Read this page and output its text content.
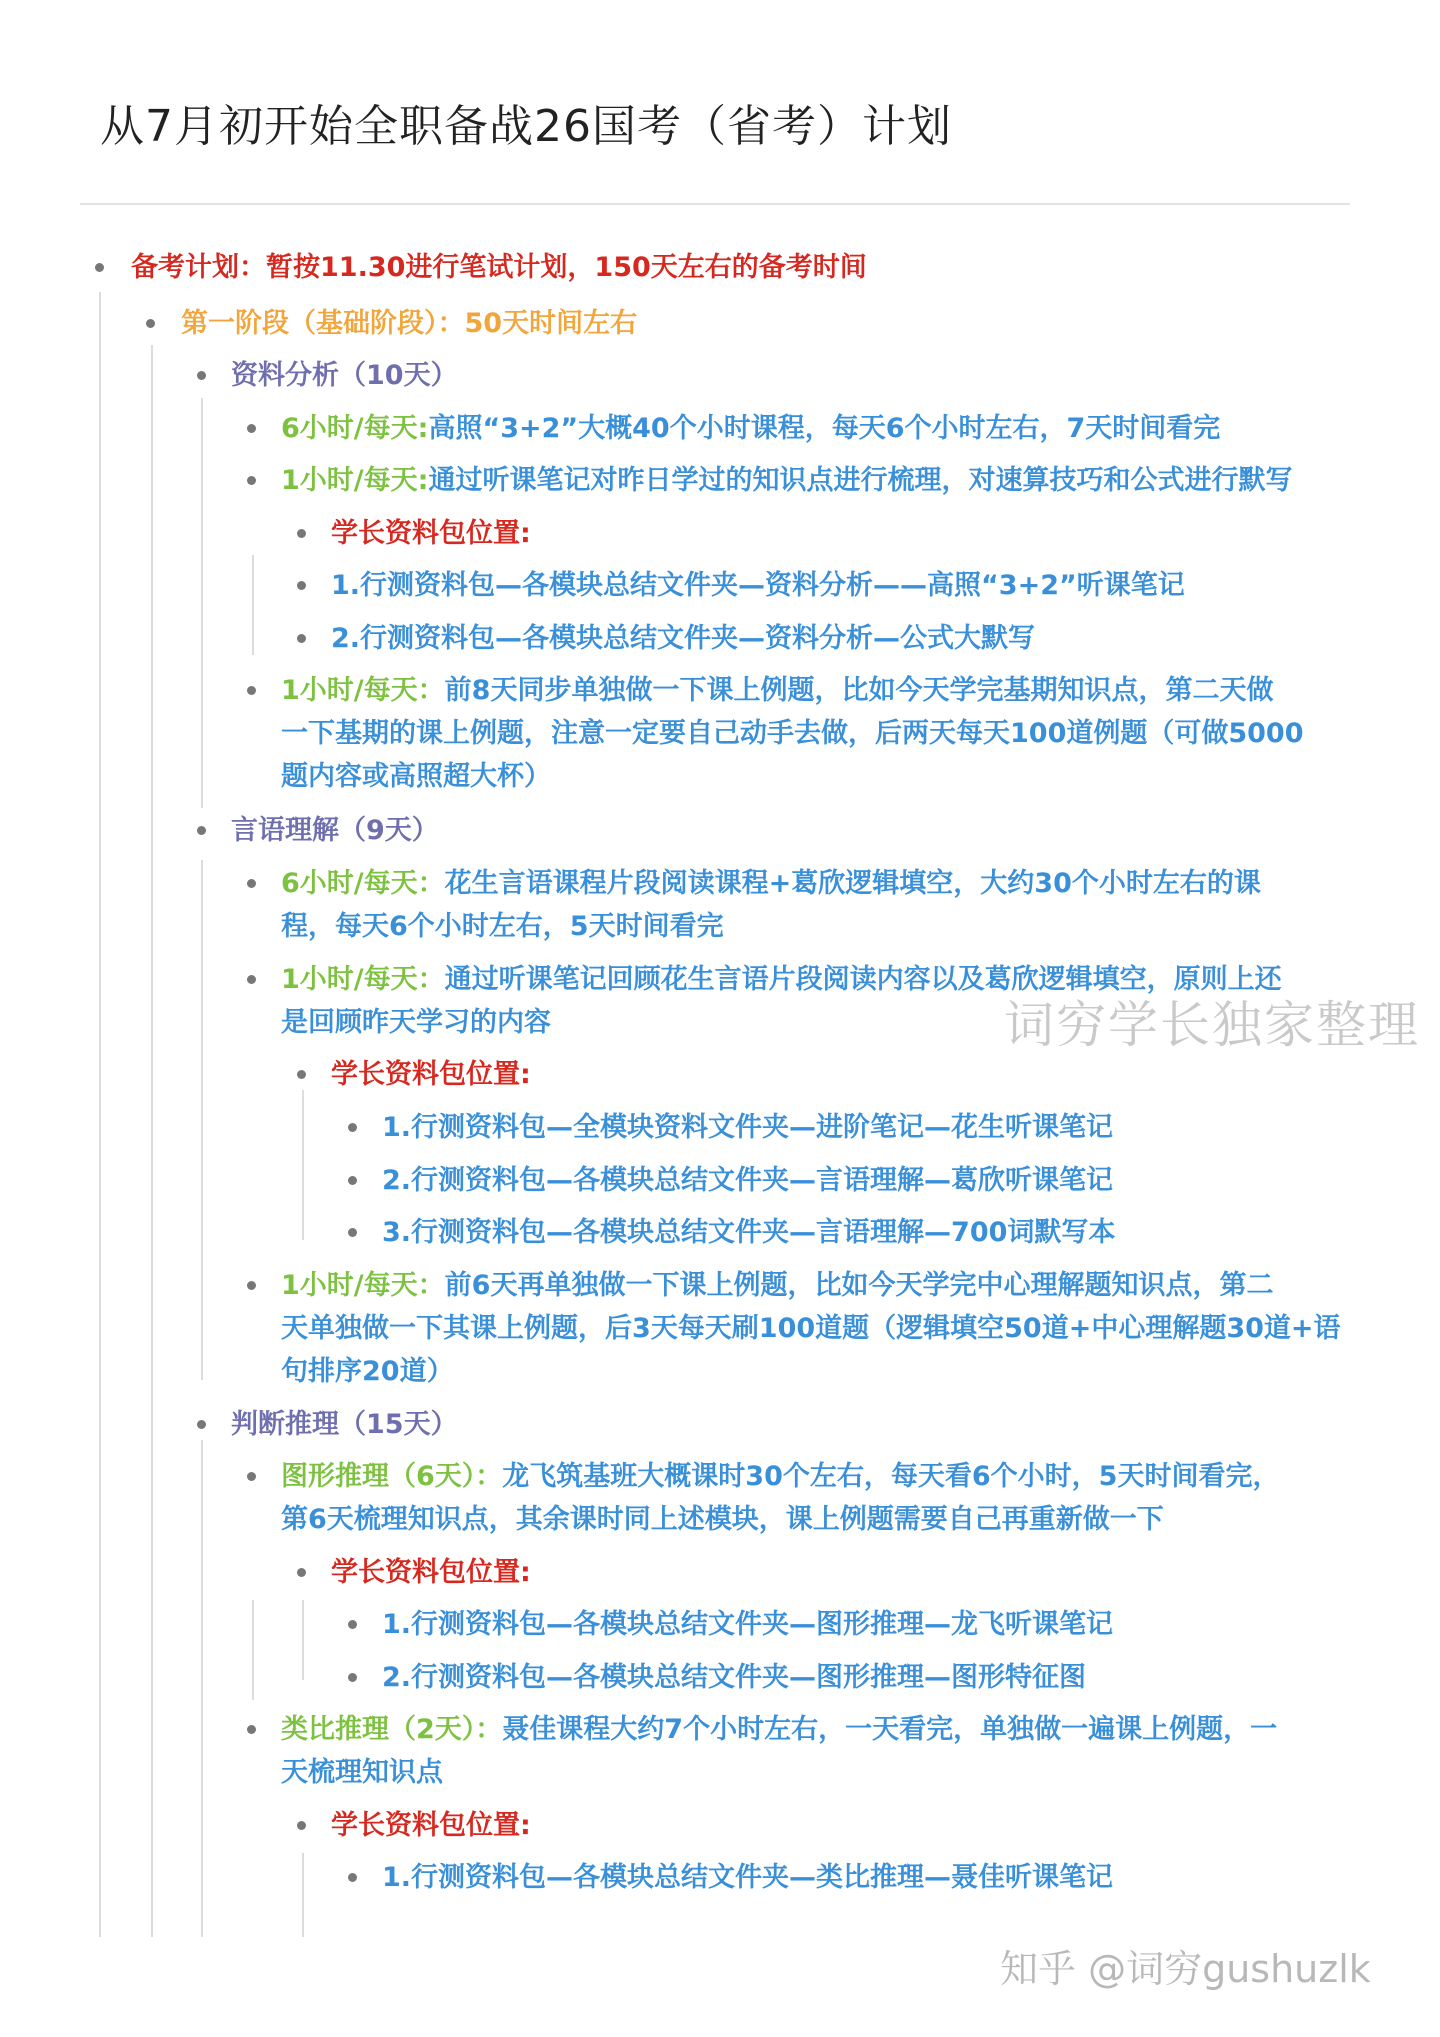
从7月初开始全职备战26国考（省考）计划
备考计划：暂按11.30进行笔试计划，150天左右的备考时间
第一阶段（基础阶段）：50天时间左右
资料分析（10天）
6小时/每天:高照“3+2”大概40个小时课程，每天6个小时左右，7天时间看完
1小时/每天:通过听课笔记对昨日学过的知识点进行梳理，对速算技巧和公式进行默写
学长资料包位置:
1.行测资料包—各模块总结文件夹—资料分析——高照“3+2”听课笔记
2.行测资料包—各模块总结文件夹—资料分析—公式大默写
1小时/每天：前8天同步单独做一下课上例题，比如今天学完基期知识点，第二天做
一下基期的课上例题，注意一定要自己动手去做，后两天每天100道例题（可做5000
题内容或高照超大杯）
言语理解（9天）
6小时/每天：花生言语课程片段阅读课程+葛欣逻辑填空，大约30个小时左右的课
程，每天6个小时左右，5天时间看完
1小时/每天：通过听课笔记回顾花生言语片段阅读内容以及葛欣逻辑填空，原则上还
是回顾昨天学习的内容
学长资料包位置:
1.行测资料包—全模块资料文件夹—进阶笔记—花生听课笔记
2.行测资料包—各模块总结文件夹—言语理解—葛欣听课笔记
3.行测资料包—各模块总结文件夹—言语理解—700词默写本
1小时/每天：前6天再单独做一下课上例题，比如今天学完中心理解题知识点，第二
天单独做一下其课上例题，后3天每天刷100道题（逻辑填空50道+中心理解题30道+语
句排序20道）
判断推理（15天）
图形推理（6天）：龙飞筑基班大概课时30个左右，每天看6个小时，5天时间看完，
第6天梳理知识点，其余课时同上述模块，课上例题需要自己再重新做一下
学长资料包位置:
1.行测资料包—各模块总结文件夹—图形推理—龙飞听课笔记
2.行测资料包—各模块总结文件夹—图形推理—图形特征图
类比推理（2天）：聂佳课程大约7个小时左右，一天看完，单独做一遍课上例题，一
天梳理知识点
学长资料包位置:
1.行测资料包—各模块总结文件夹—类比推理—聂佳听课笔记
词穷学长独家整理
知乎 @词穷gushuzlk
